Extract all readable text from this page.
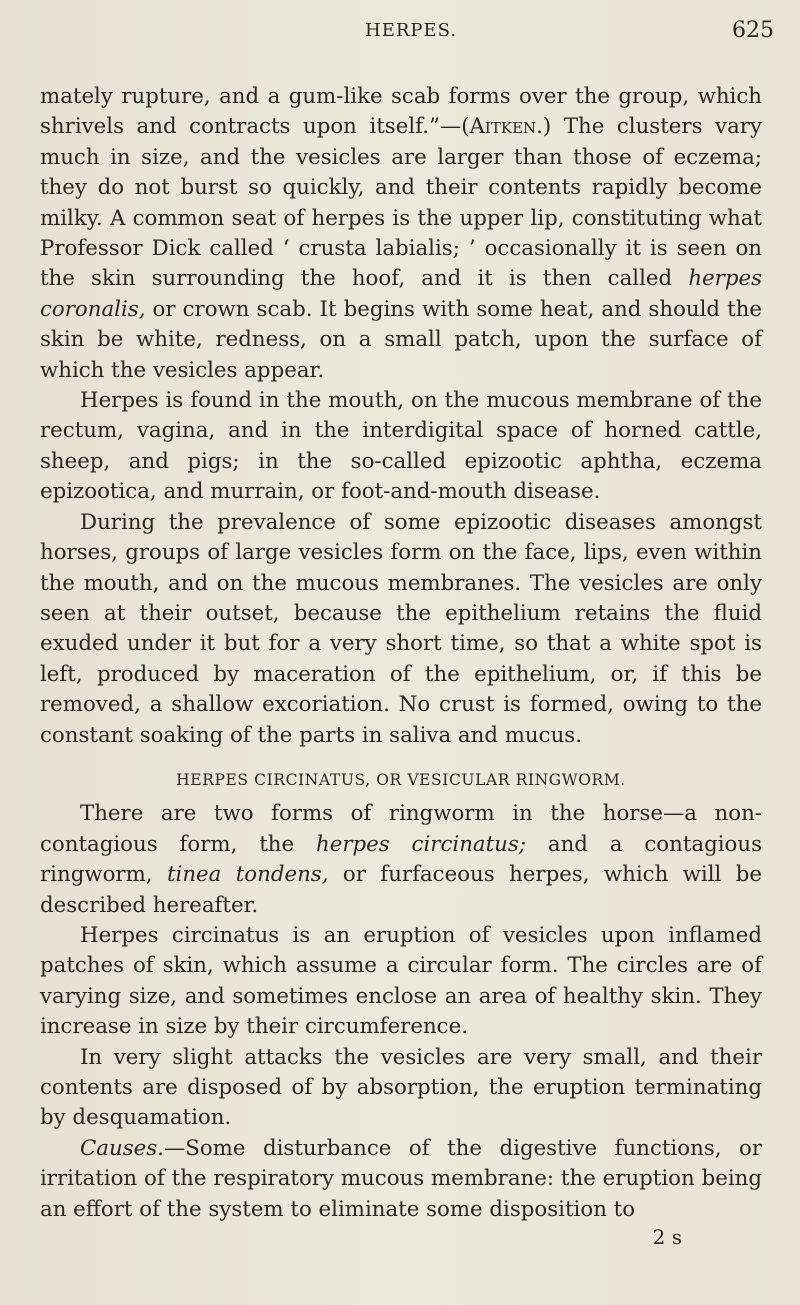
HERPES.	625

mately rupture, and a gum-like scab forms over the group, which shrivels and contracts upon itself.”—(Aitken.) The clusters vary much in size, and the vesicles are larger than those of eczema; they do not burst so quickly, and their contents rapidly become milky. A common seat of herpes is the upper lip, constituting what Professor Dick called ‘ crusta labialis; ’ occasionally it is seen on the skin surrounding the hoof, and it is then called herpes coronalis, or crown scab. It begins with some heat, and should the skin be white, redness, on a small patch, upon the surface of which the vesicles appear.

Herpes is found in the mouth, on the mucous membrane of the rectum, vagina, and in the interdigital space of horned cattle, sheep, and pigs; in the so-called epizootic aphtha, eczema epizootica, and murrain, or foot-and-mouth disease.

During the prevalence of some epizootic diseases amongst horses, groups of large vesicles form on the face, lips, even within the mouth, and on the mucous membranes. The vesicles are only seen at their outset, because the epithelium retains the fluid exuded under it but for a very short time, so that a white spot is left, produced by maceration of the epithelium, or, if this be removed, a shallow excoriation. No crust is formed, owing to the constant soaking of the parts in saliva and mucus.

HERPES CIRCINATUS, OR VESICULAR RINGWORM.

There are two forms of ringworm in the horse—a non-contagious form, the herpes circinatus; and a contagious ringworm, tinea tondens, or furfaceous herpes, which will be described hereafter.

Herpes circinatus is an eruption of vesicles upon inflamed patches of skin, which assume a circular form. The circles are of varying size, and sometimes enclose an area of healthy skin. They increase in size by their circumference.

In very slight attacks the vesicles are very small, and their contents are disposed of by absorption, the eruption terminating by desquamation.

Causes.—Some disturbance of the digestive functions, or irritation of the respiratory mucous membrane: the eruption being an effort of the system to eliminate some disposition to

2 s
